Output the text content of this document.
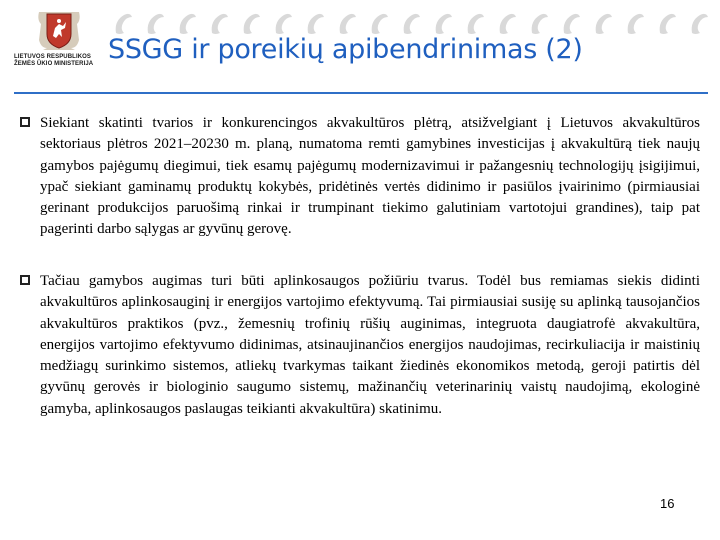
LIETUVOS RESPUBLIKOS
ŽEMĖS ŪKIO MINISTERIJA SSGG ir poreikių apibendrinimas (2)
Siekiant skatinti tvarios ir konkurencingos akvakultūros plėtrą, atsižvelgiant į Lietuvos akvakultūros sektoriaus plėtros 2021–20230 m. planą, numatoma remti gamybines investicijas į akvakultūrą tiek naujų gamybos pajėgumų diegimui, tiek esamų pajėgumų modernizavimui ir pažangesnių technologijų įsigijimui, ypač siekiant gaminamų produktų kokybės, pridėtinės vertės didinimo ir pasiūlos įvairinimo (pirmiausiai gerinant produkcijos paruošimą rinkai ir trumpinant tiekimo galutiniam vartotojui grandines), taip pat pagerinti darbo sąlygas ar gyvūnų gerovę.
Tačiau gamybos augimas turi būti aplinkosaugos požiūriu tvarus. Todėl bus remiamas siekis didinti akvakultūros aplinkosauginį ir energijos vartojimo efektyvumą. Tai pirmiausiai susiję su aplinką tausojančios akvakultūros praktikos (pvz., žemesnių trofinių rūšių auginimas, integruota daugiatrofė akvakultūra, energijos vartojimo efektyvumo didinimas, atsinaujinančios energijos naudojimas, recirkuliacija ir maistinių medžiagų surinkimo sistemos, atliekų tvarkymas taikant žiedinės ekonomikos metodą, geroji patirtis dėl gyvūnų gerovės ir biologinio saugumo sistemų, mažinančių veterinarinių vaistų naudojimą, ekologinė gamyba, aplinkosaugos paslaugas teikianti akvakultūra) skatinimu.
16
